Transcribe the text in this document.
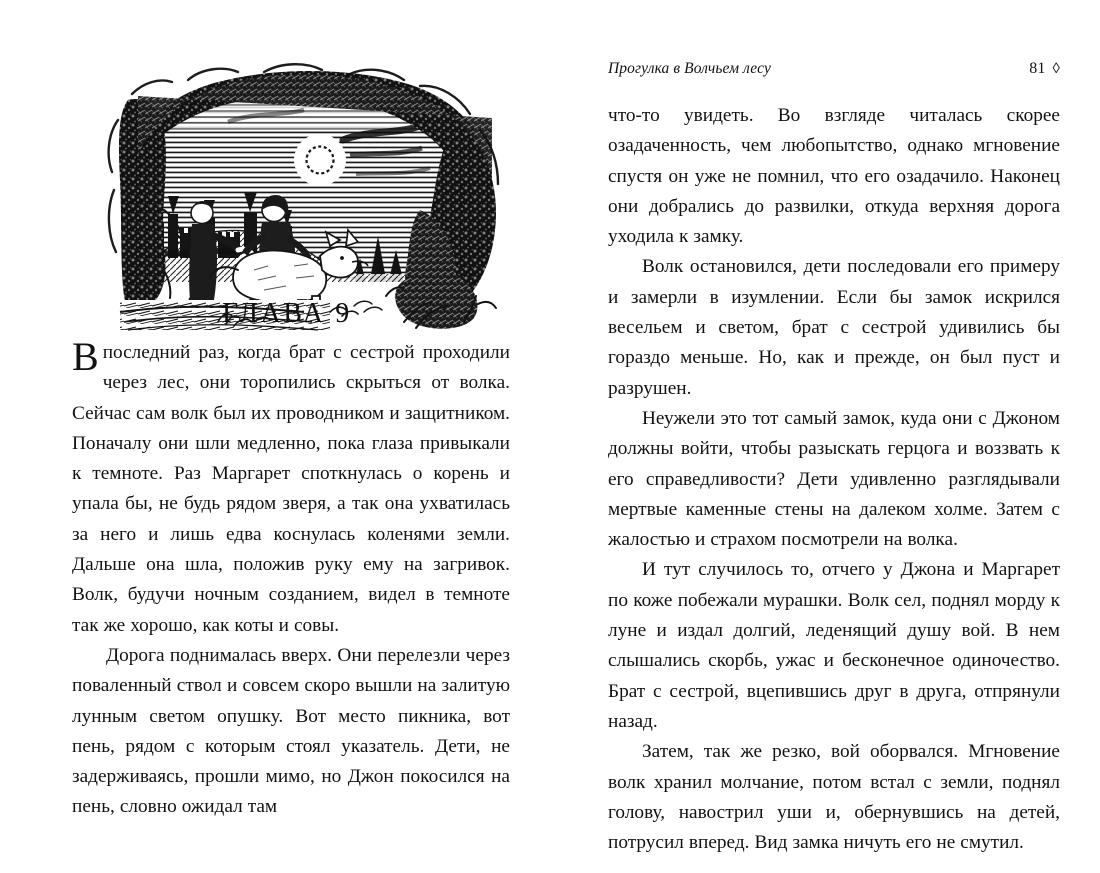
ГЛАВА 9

Впоследний раз, когда брат с сестрой проходили через лес, они торопились скрыться от волка. Сейчас сам волк был их проводником и защитником. Поначалу они шли медленно, пока глаза привыкали к темноте. Раз Маргарет споткнулась о корень и упала бы, не будь рядом зверя, а так она ухватилась за него и лишь едва коснулась коленями земли. Дальше она шла, положив руку ему на загривок. Волк, будучи ночным созданием, видел в темноте так же хорошо, как коты и совы.

Дорога поднималась вверх. Они перелезли через поваленный ствол и совсем скоро вышли на залитую лунным светом опушку. Вот место пикника, вот пень, рядом с которым стоял указатель. Дети, не задерживаясь, прошли мимо, но Джон покосился на пень, словно ожидал там

Прогулка в Волчьем лесу	81 ◊

что-то увидеть. Во взгляде читалась скорее озадаченность, чем любопытство, однако мгновение спустя он уже не помнил, что его озадачило. Наконец они добрались до развилки, откуда верхняя дорога уходила к замку.

Волк остановился, дети последовали его примеру и замерли в изумлении. Если бы замок искрился весельем и светом, брат с сестрой удивились бы гораздо меньше. Но, как и прежде, он был пуст и разрушен.

Неужели это тот самый замок, куда они с Джоном должны войти, чтобы разыскать герцога и воззвать к его справедливости? Дети удивленно разглядывали мертвые каменные стены на далеком холме. Затем с жалостью и страхом посмотрели на волка.

И тут случилось то, отчего у Джона и Маргарет по коже побежали мурашки. Волк сел, поднял морду к луне и издал долгий, леденящий душу вой. В нем слышались скорбь, ужас и бесконечное одиночество. Брат с сестрой, вцепившись друг в друга, отпрянули назад.

Затем, так же резко, вой оборвался. Мгновение волк хранил молчание, потом встал с земли, поднял голову, навострил уши и, обернувшись на детей, потрусил вперед. Вид замка ничуть его не смутил.
